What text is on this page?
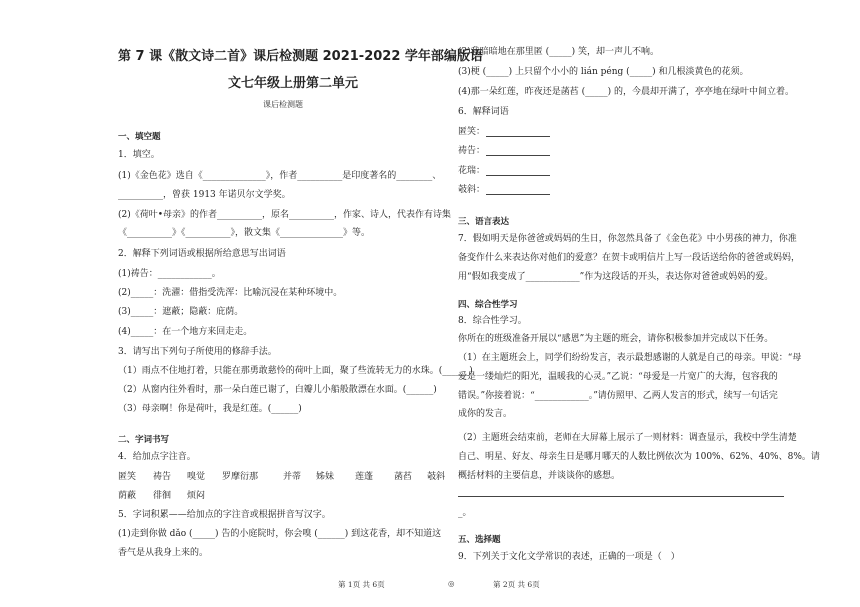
第 7 课《散文诗二首》课后检测题 2021-2022 学年部编版语
文七年级上册第二单元
课后检测题
一、填空题
1．填空。
(1)《金色花》选自《______________》，作者__________是印度著名的________、
__________，曾获 1913 年诺贝尔文学奖。
(2)《荷叶•母亲》的作者__________，原名__________，作家、诗人，代表作有诗集
《__________》《__________》，散文集《______________》等。
2．解释下列词语或根据所给意思写出词语
(1)祷告：____________。
(2)_____：洗濯：借指受洗浑：比喻沉浸在某种环境中。
(3)_____：遮蔽；隐蔽：庇荫。
(4)_____：在一个地方来回走走。
3．请写出下列句子所使用的修辞手法。
（1）雨点不住地打着，只能在那勇敢慈怜的荷叶上面，聚了些流转无力的水珠。(______)
（2）从窗内往外看时，那一朵白莲已谢了，白瓣儿小船般散漂在水面。(______)
（3）母亲啊！你是荷叶，我是红莲。(______)
二、字词书写
4．给加点字注音。
匿笑 祷告 嗅觉 罗摩衍那	并蒂 姊妹 莲蓬 菡萏 攲斜
荫蔽 徘徊 烦闷
5．字词积累——给加点的字注音或根据拼音写汉字。
(1)走到你做 dǎo (_____) 告的小庭院时，你会嗅 (______) 到这花香，却不知道这
香气是从我身上来的。
(2)我暗暗地在那里匿 (_____) 笑，却一声儿不响。
(3)梗 (_____) 上只留个小小的 lián péng (_____) 和几根淡黄色的花须。
(4)那一朵红莲，昨夜还是菡萏 (_____) 的，今晨却开满了，亭亭地在绿叶中间立着。
6．解释词语
匿笑：
祷告：
花瑞：
攲斜：
三、语言表达
7．假如明天是你爸爸或妈妈的生日，你忽然具备了《金色花》中小男孩的神力，你准
备变作什么来表达你对他们的爱意？在贺卡或明信片上写一段话送给你的爸爸或妈妈，
用“假如我变成了____________”作为这段话的开头，表达你对爸爸或妈妈的爱。
四、综合性学习
8．综合性学习。
你所在的班级准备开展以“感恩”为主题的班会，请你积极参加并完成以下任务。
（1）在主题班会上，同学们纷纷发言，表示最想感谢的人就是自己的母亲。甲说：“母
爱是一缕灿烂的阳光，温暖我的心灵。”乙说：“母爱是一片宽广的大海，包容我的
错误。”你接着说：“____________。”请仿照甲、乙两人发言的形式，续写一句话完
成你的发言。
（2）主题班会结束前，老师在大屏幕上展示了一则材料：调查显示，我校中学生清楚
自己、明星、好友、母亲生日是哪月哪天的人数比例依次为 100%、62%、40%、8%。请
概括材料的主要信息，并谈谈你的感想。
_。
五、选择题
9．下列关于文化文学常识的表述，正确的一项是（　）
第 1页 共 6页	◎	第 2页 共 6页
